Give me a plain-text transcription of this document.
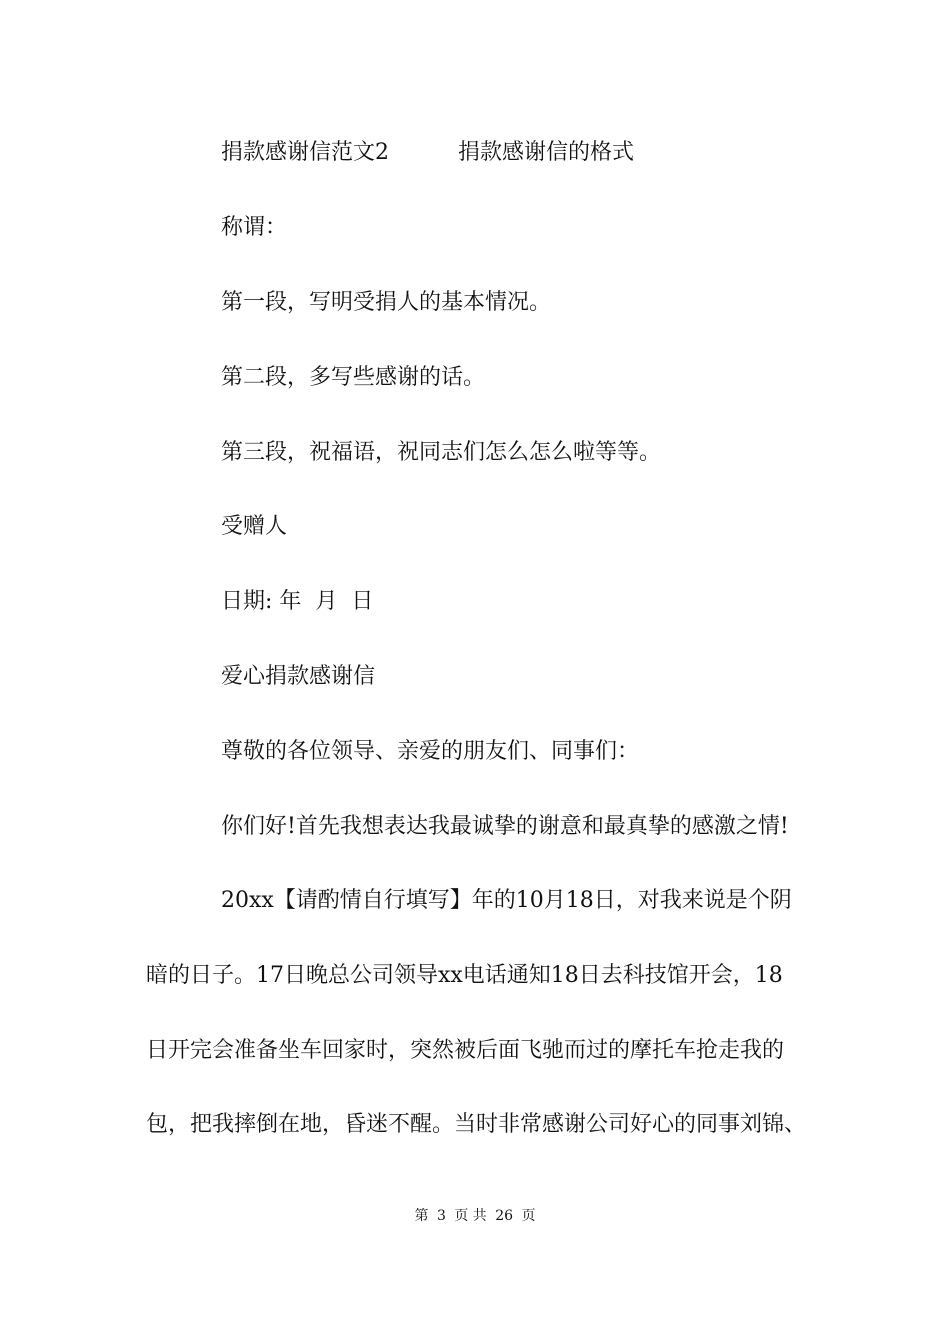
捐款感谢信范文2	捐款感谢信的格式

称谓：

第一段，写明受捐人的基本情况。

第二段，多写些感谢的话。

第三段，祝福语，祝同志们怎么怎么啦等等。

受赠人

日期: 年  月  日

爱心捐款感谢信

尊敬的各位领导、亲爱的朋友们、同事们：

你们好!首先我想表达我最诚挚的谢意和最真挚的感激之情!

20xx【请酌情自行填写】年的10月18日，对我来说是个阴

暗的日子。17日晚总公司领导xx电话通知18日去科技馆开会，18

日开完会准备坐车回家时，突然被后面飞驰而过的摩托车抢走我的

包，把我摔倒在地，昏迷不醒。当时非常感谢公司好心的同事刘锦、

第 3 页 共 26 页
